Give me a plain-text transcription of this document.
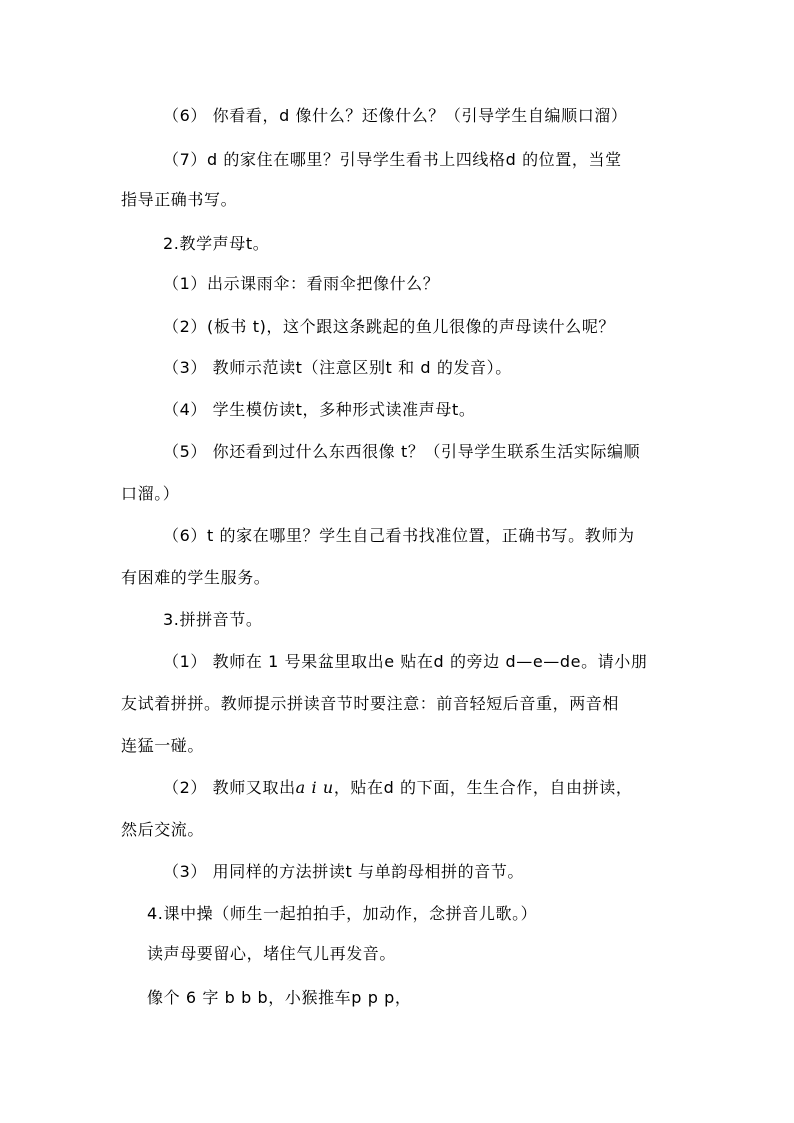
（6） 你看看，d 像什么？还像什么？（引导学生自编顺口溜）
（7）d 的家住在哪里？引导学生看书上四线格d 的位置，当堂
指导正确书写。
2.教学声母t。
（1）出示课雨伞：看雨伞把像什么？
（2）(板书 t)，这个跟这条跳起的鱼儿很像的声母读什么呢？
（3） 教师示范读t（注意区别t 和 d 的发音）。
（4） 学生模仿读t，多种形式读准声母t。
（5） 你还看到过什么东西很像 t？（引导学生联系生活实际编顺
口溜。）
（6）t 的家在哪里？学生自己看书找准位置，正确书写。教师为
有困难的学生服务。
3.拼拼音节。
（1） 教师在 1 号果盆里取出e 贴在d 的旁边 d—e—de。请小朋
友试着拼拼。教师提示拼读音节时要注意：前音轻短后音重，两音相
连猛一碰。
（2） 教师又取出a i u，贴在d 的下面，生生合作，自由拼读，
然后交流。
（3） 用同样的方法拼读t 与单韵母相拼的音节。
4.课中操（师生一起拍拍手，加动作，念拼音儿歌。）
读声母要留心，堵住气儿再发音。
像个 6 字 b b b，小猴推车p p p，
